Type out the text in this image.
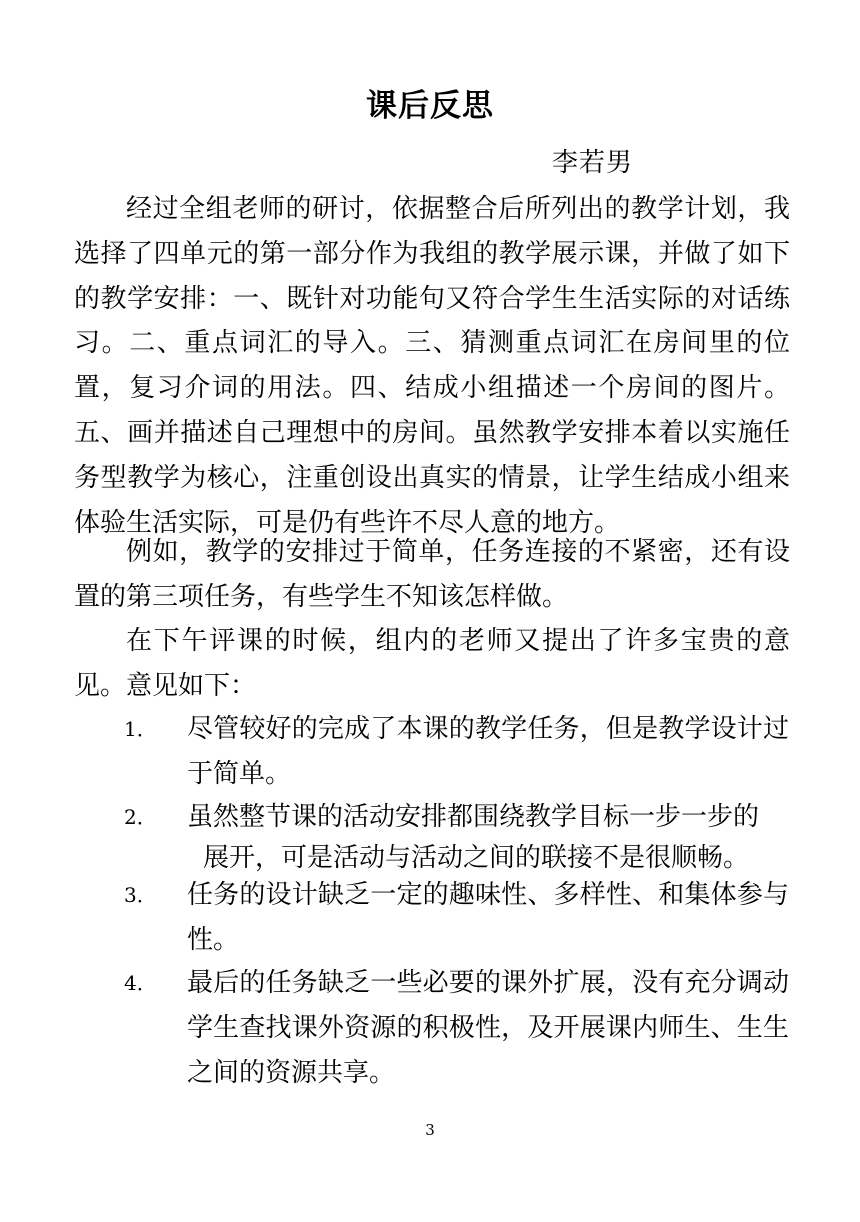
课后反思
李若男
经过全组老师的研讨，依据整合后所列出的教学计划，我选择了四单元的第一部分作为我组的教学展示课，并做了如下的教学安排：一、既针对功能句又符合学生生活实际的对话练习。二、重点词汇的导入。三、猜测重点词汇在房间里的位置，复习介词的用法。四、结成小组描述一个房间的图片。五、画并描述自己理想中的房间。虽然教学安排本着以实施任务型教学为核心，注重创设出真实的情景，让学生结成小组来体验生活实际，可是仍有些许不尽人意的地方。
例如，教学的安排过于简单，任务连接的不紧密，还有设置的第三项任务，有些学生不知该怎样做。
在下午评课的时候，组内的老师又提出了许多宝贵的意见。意见如下：
1． 尽管较好的完成了本课的教学任务，但是教学设计过于简单。
2． 虽然整节课的活动安排都围绕教学目标一步一步的
展开，可是活动与活动之间的联接不是很顺畅。
3． 任务的设计缺乏一定的趣味性、多样性、和集体参与性。
4． 最后的任务缺乏一些必要的课外扩展，没有充分调动学生查找课外资源的积极性，及开展课内师生、生生之间的资源共享。
3
